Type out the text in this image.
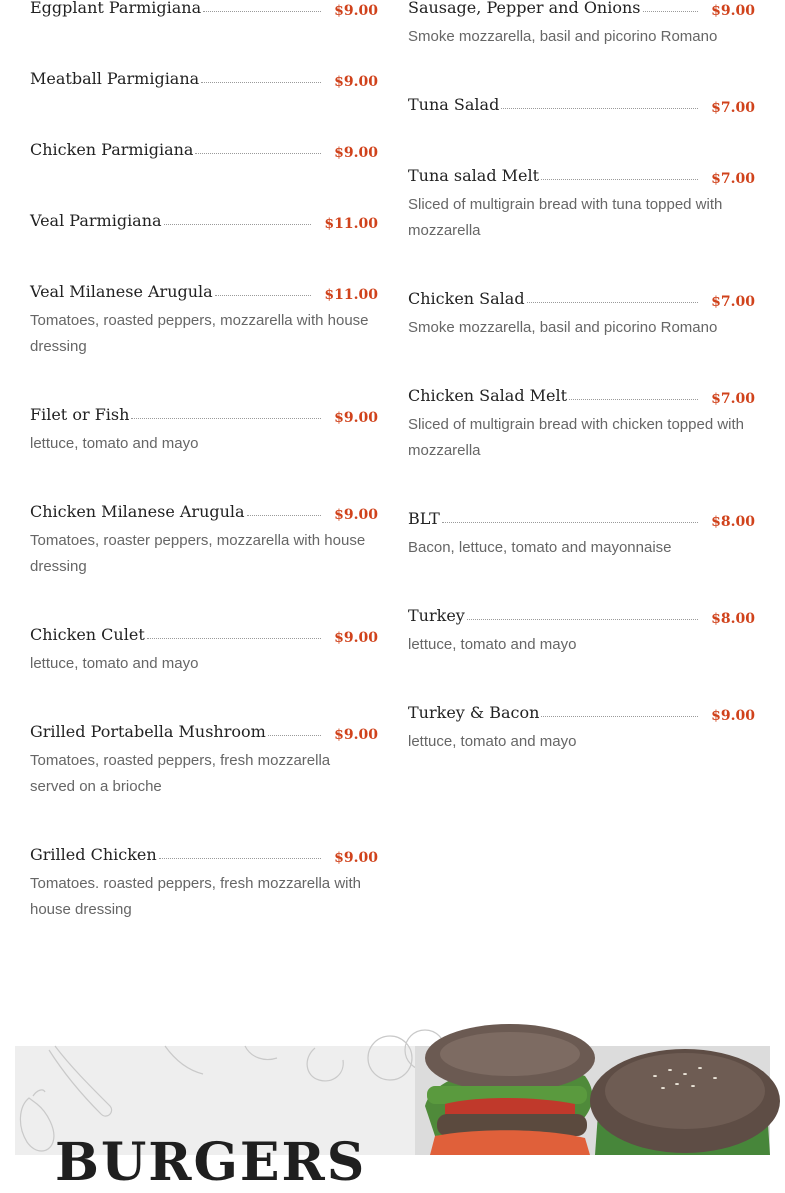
Eggplant Parmigiana	$9.00
Meatball Parmigiana	$9.00
Chicken Parmigiana	$9.00
Veal Parmigiana	$11.00
Veal Milanese Arugula	$11.00
Tomatoes, roasted peppers, mozzarella with house dressing
Filet or Fish	$9.00
lettuce, tomato and mayo
Chicken Milanese Arugula	$9.00
Tomatoes, roaster peppers, mozzarella with house dressing
Chicken Culet	$9.00
lettuce, tomato and mayo
Grilled Portabella Mushroom	$9.00
Tomatoes, roasted peppers, fresh mozzarella served on a brioche
Grilled Chicken	$9.00
Tomatoes. roasted peppers, fresh mozzarella with house dressing
Sausage, Pepper and Onions	$9.00
Smoke mozzarella, basil and picorino Romano
Tuna Salad	$7.00
Tuna salad Melt	$7.00
Sliced of multigrain bread with tuna topped with mozzarella
Chicken Salad	$7.00
Smoke mozzarella, basil and picorino Romano
Chicken Salad Melt	$7.00
Sliced of multigrain bread with chicken topped with mozzarella
BLT	$8.00
Bacon, lettuce, tomato and mayonnaise
Turkey	$8.00
lettuce, tomato and mayo
Turkey & Bacon	$9.00
lettuce, tomato and mayo
BURGERS
